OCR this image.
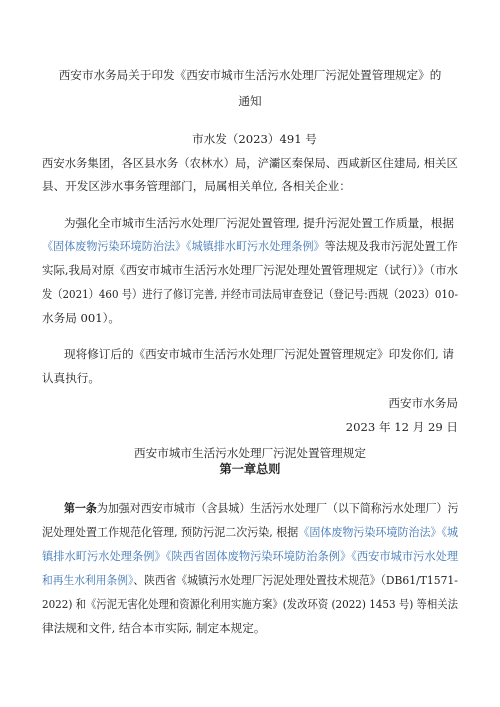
西安市水务局关于印发《西安市城市生活污水处理厂污泥处置管理规定》的
通知
市水发（2023）491 号
西安水务集团，各区县水务（农林水）局，浐灞区秦保局、西咸新区住建局, 相关区
县、开发区涉水事务管理部门，局属相关单位, 各相关企业：
为强化全市城市生活污水处理厂污泥处置管理, 提升污泥处置工作质量，根据
《固体废物污染环境防治法》《城镇排水町污水处理条例》等法规及我市污泥处置工作
实际,我局对原《西安市城市生活污水处理厂污泥处理处置管理规定（试行）》（市水
发（2021）460 号）进行了修订完善, 并经市司法局审查登记（登记号:西规（2023）010-
水务局 001）。
现将修订后的《西安市城市生活污水处理厂污泥处置管理规定》印发你们, 请
认真执行。
西安市水务局
2023 年 12 月 29 日
西安市城市生活污水处理厂污泥处置管理规定
第一章总则
第一条为加强对西安市城市（含县城）生活污水处理厂（以下简称污水处理厂）污
泥处理处置工作规范化管理, 预防污泥二次污染, 根据《固体废物污染环境防治法》《城
镇排水町污水处理条例》《陕西省固体废物污染环境防治条例》《西安市城市污水处理
和再生水利用条例》、陕西省《城镇污水处理厂污泥处理处置技术规范》（DB61/T1571-
2022) 和《污泥无害化处理和资源化利用实施方案》(发改环资 (2022) 1453 号) 等相关法
律法规和文件, 结合本市实际, 制定本规定。
